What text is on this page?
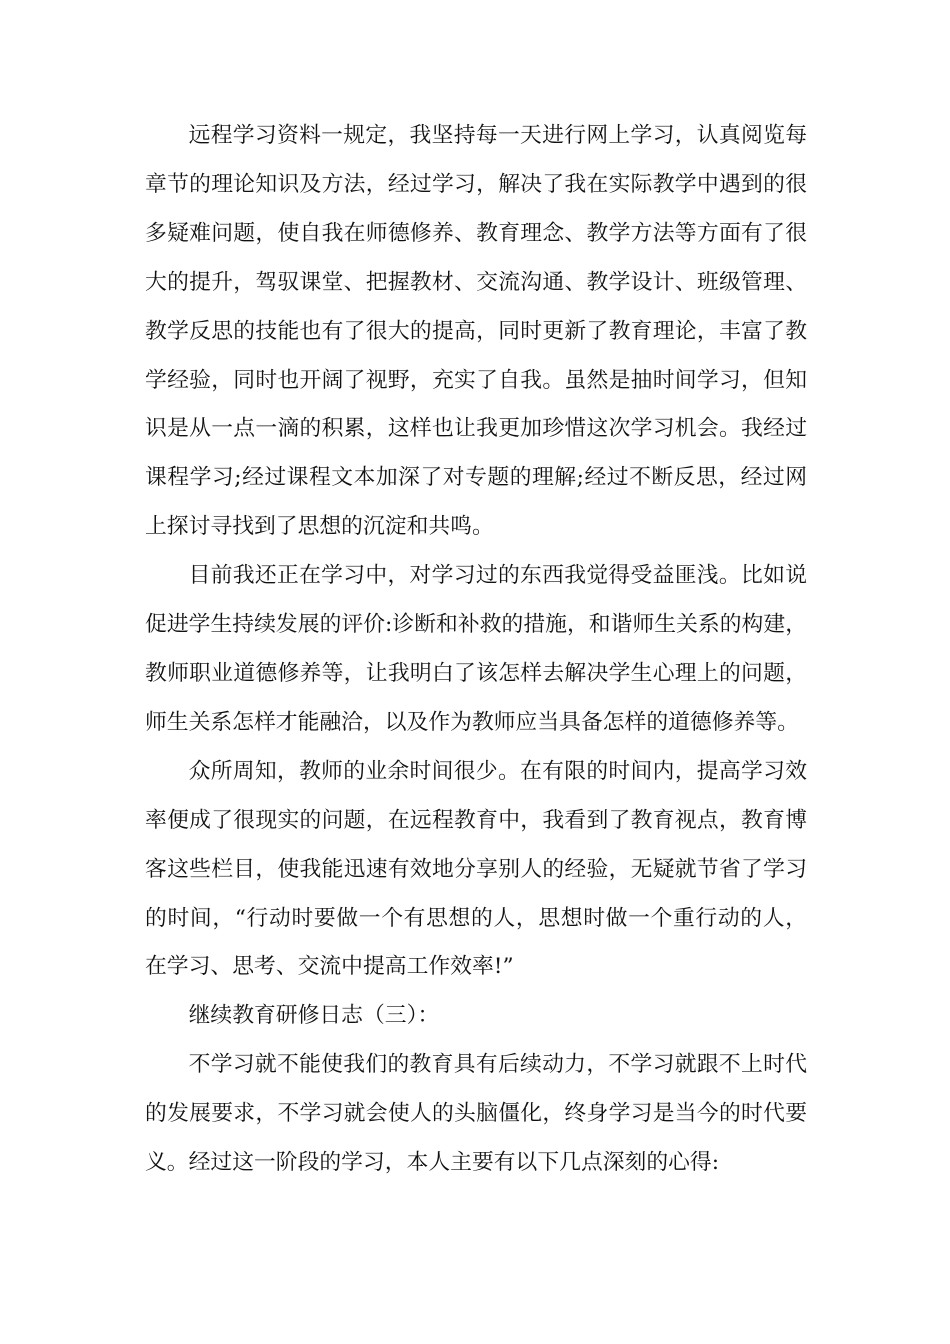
远程学习资料一规定，我坚持每一天进行网上学习，认真阅览每章节的理论知识及方法，经过学习，解决了我在实际教学中遇到的很多疑难问题，使自我在师德修养、教育理念、教学方法等方面有了很大的提升，驾驭课堂、把握教材、交流沟通、教学设计、班级管理、教学反思的技能也有了很大的提高，同时更新了教育理论，丰富了教学经验，同时也开阔了视野，充实了自我。虽然是抽时间学习，但知识是从一点一滴的积累，这样也让我更加珍惜这次学习机会。我经过课程学习;经过课程文本加深了对专题的理解;经过不断反思，经过网上探讨寻找到了思想的沉淀和共鸣。

目前我还正在学习中，对学习过的东西我觉得受益匪浅。比如说促进学生持续发展的评价:诊断和补救的措施，和谐师生关系的构建，教师职业道德修养等，让我明白了该怎样去解决学生心理上的问题，师生关系怎样才能融洽，以及作为教师应当具备怎样的道德修养等。

众所周知，教师的业余时间很少。在有限的时间内，提高学习效率便成了很现实的问题，在远程教育中，我看到了教育视点，教育博客这些栏目，使我能迅速有效地分享别人的经验，无疑就节省了学习的时间，“行动时要做一个有思想的人，思想时做一个重行动的人，在学习、思考、交流中提高工作效率!”

继续教育研修日志（三）：

不学习就不能使我们的教育具有后续动力，不学习就跟不上时代的发展要求，不学习就会使人的头脑僵化，终身学习是当今的时代要义。经过这一阶段的学习，本人主要有以下几点深刻的心得:
